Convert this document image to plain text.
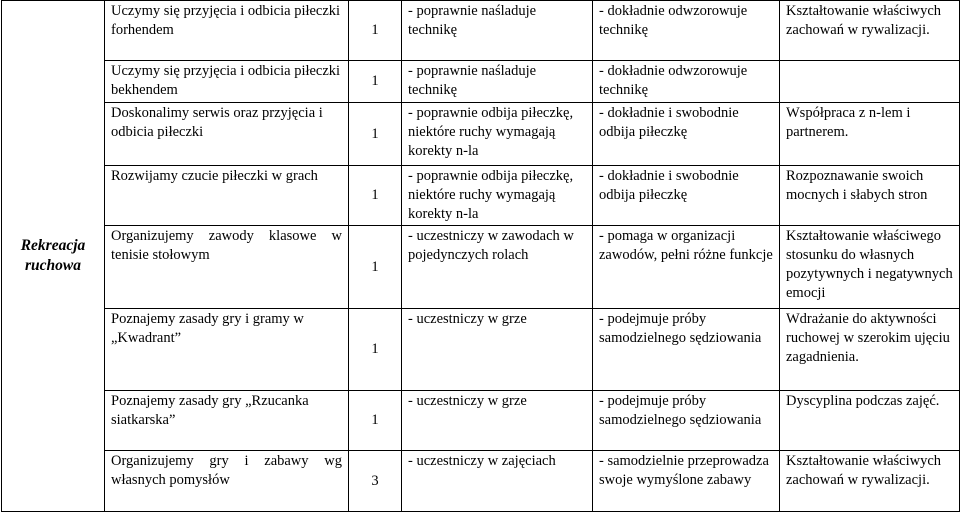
Rekreacja ruchowa	Uczymy się przyjęcia i odbicia piłeczki forhendem	1	- poprawnie naśladuje technikę	- dokładnie odwzorowuje technikę	Kształtowanie właściwych zachowań w rywalizacji.
	Uczymy się przyjęcia i odbicia piłeczki bekhendem	1	- poprawnie naśladuje technikę	- dokładnie odwzorowuje technikę	
	Doskonalimy serwis oraz przyjęcia i odbicia piłeczki	1	- poprawnie odbija piłeczkę, niektóre ruchy wymagają korekty n-la	- dokładnie i swobodnie odbija piłeczkę	Współpraca z n-lem i partnerem.
	Rozwijamy czucie piłeczki w grach	1	- poprawnie odbija piłeczkę, niektóre ruchy wymagają korekty n-la	- dokładnie i swobodnie odbija piłeczkę	Rozpoznawanie swoich mocnych i słabych stron
	Organizujemy zawody klasowe w tenisie stołowym	1	- uczestniczy w zawodach w pojedynczych rolach	- pomaga w organizacji zawodów, pełni różne funkcje	Kształtowanie właściwego stosunku do własnych pozytywnych i negatywnych emocji
	Poznajemy zasady gry i gramy w „Kwadrant”	1	- uczestniczy w grze	- podejmuje próby samodzielnego sędziowania	Wdrażanie do aktywności ruchowej w szerokim ujęciu zagadnienia.
	Poznajemy zasady gry „Rzucanka siatkarska”	1	- uczestniczy w grze	- podejmuje próby samodzielnego sędziowania	Dyscyplina podczas zajęć.
	Organizujemy gry i zabawy wg własnych pomysłów	3	- uczestniczy w zajęciach	- samodzielnie przeprowadza swoje wymyślone zabawy	Kształtowanie właściwych zachowań w rywalizacji.
